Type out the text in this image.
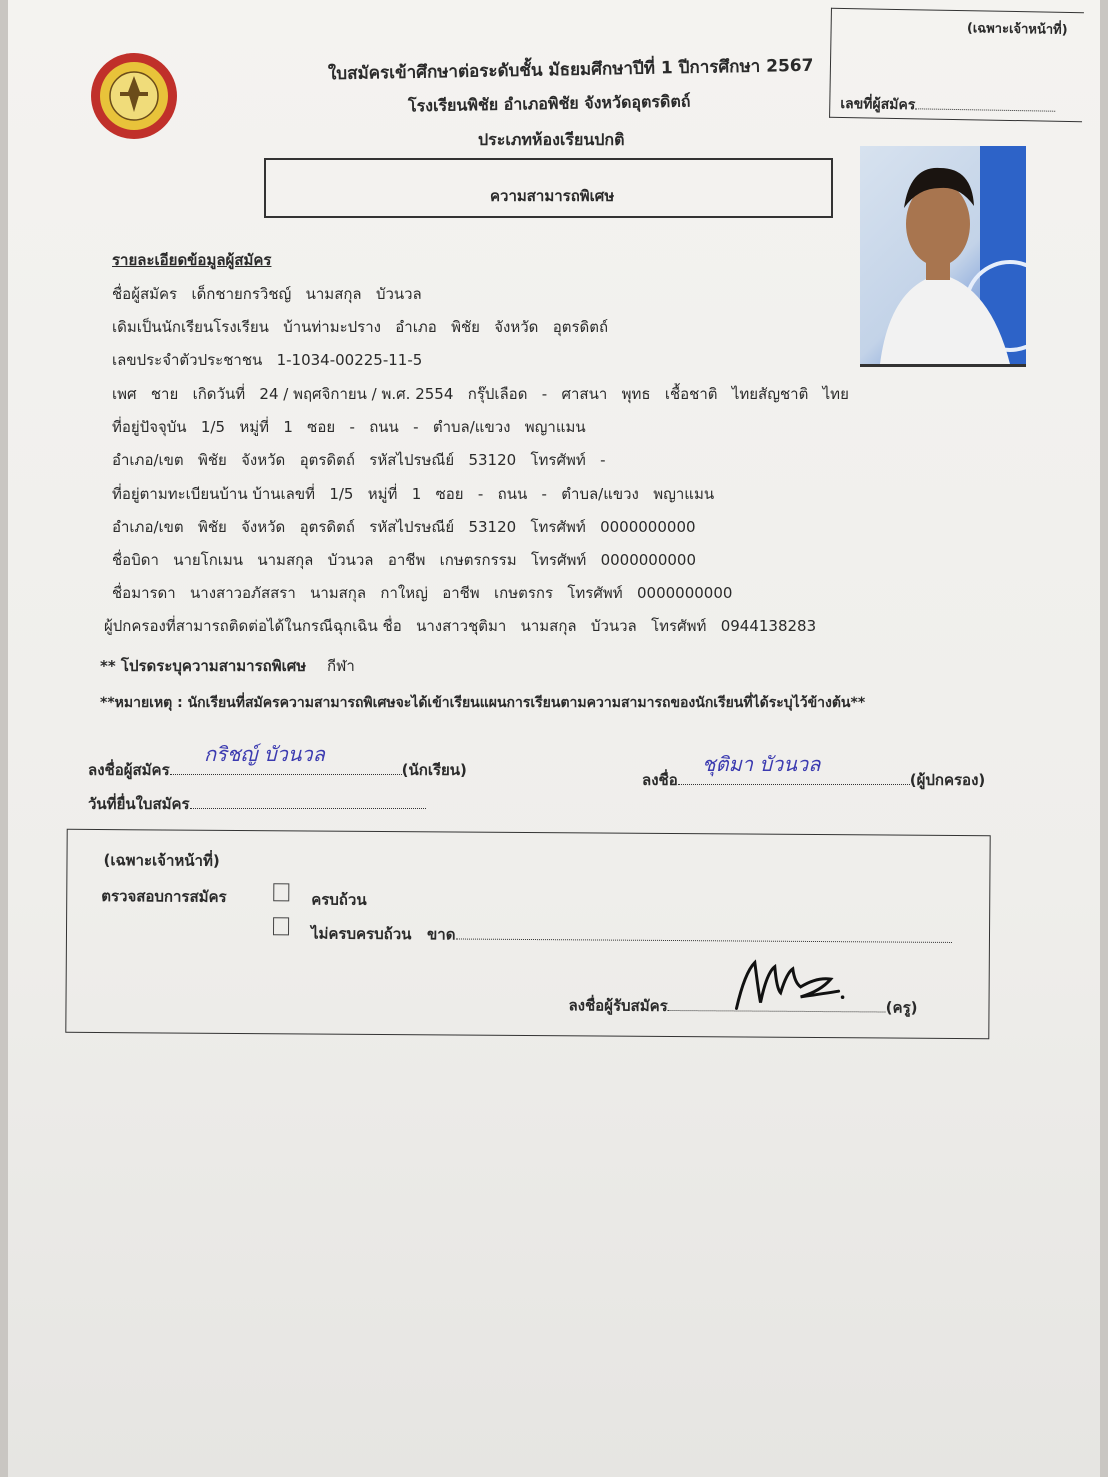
ใบสมัครเข้าศึกษาต่อระดับชั้น มัธยมศึกษาปีที่ 1 ปีการศึกษา 2567
โรงเรียนพิชัย อำเภอพิชัย จังหวัดอุตรดิตถ์
ประเภทห้องเรียนปกติ
(เฉพาะเจ้าหน้าที่)
เลขที่ผู้สมัคร
ความสามารถพิเศษ
รายละเอียดข้อมูลผู้สมัคร
ชื่อผู้สมัคร เด็กชายกรวิชญ์ นามสกุล บัวนวล
เดิมเป็นนักเรียนโรงเรียน บ้านท่ามะปราง อำเภอ พิชัย จังหวัด อุตรดิตถ์
เลขประจำตัวประชาชน 1-1034-00225-11-5
เพศ ชาย เกิดวันที่ 24 / พฤศจิกายน / พ.ศ. 2554 กรุ๊ปเลือด - ศาสนา พุทธ เชื้อชาติ ไทยสัญชาติ ไทย
ที่อยู่ปัจจุบัน 1/5 หมู่ที่ 1 ซอย - ถนน - ตำบล/แขวง พญาแมน
อำเภอ/เขต พิชัย จังหวัด อุตรดิตถ์ รหัสไปรษณีย์ 53120 โทรศัพท์ -
ที่อยู่ตามทะเบียนบ้าน บ้านเลขที่ 1/5 หมู่ที่ 1 ซอย - ถนน - ตำบล/แขวง พญาแมน
อำเภอ/เขต พิชัย จังหวัด อุตรดิตถ์ รหัสไปรษณีย์ 53120 โทรศัพท์ 0000000000
ชื่อบิดา นายโกเมน นามสกุล บัวนวล อาชีพ เกษตรกรรม โทรศัพท์ 0000000000
ชื่อมารดา นางสาวอภัสสรา นามสกุล กาใหญ่ อาชีพ เกษตรกร โทรศัพท์ 0000000000
ผู้ปกครองที่สามารถติดต่อได้ในกรณีฉุกเฉิน ชื่อ นางสาวชุติมา นามสกุล บัวนวล โทรศัพท์ 0944138283
** โปรดระบุความสามารถพิเศษ กีฬา
**หมายเหตุ : นักเรียนที่สมัครความสามารถพิเศษจะได้เข้าเรียนแผนการเรียนตามความสามารถของนักเรียนที่ได้ระบุไว้ข้างต้น**
ลงชื่อผู้สมัคร	(นักเรียน)
กริชญ์ บัวนวล
ลงชื่อ	(ผู้ปกครอง)
ชุติมา บัวนวล
วันที่ยื่นใบสมัคร
(เฉพาะเจ้าหน้าที่)
ตรวจสอบการสมัคร	ครบถ้วน
ไม่ครบครบถ้วน ขาด
ลงชื่อผู้รับสมัคร	(ครู)
